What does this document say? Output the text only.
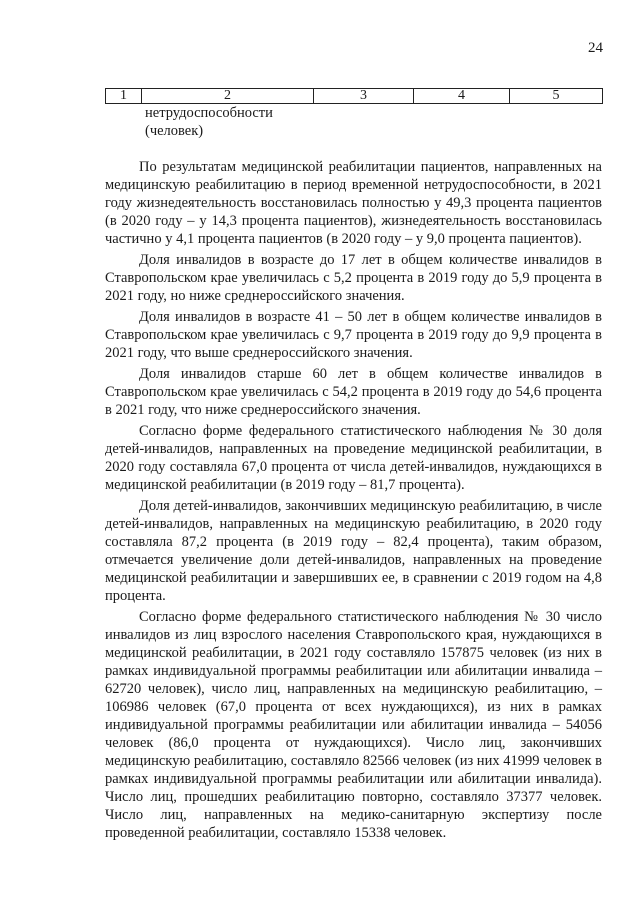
24
1	2	3	4	5
нетрудоспособности
(человек)

По результатам медицинской реабилитации пациентов, направленных на медицинскую реабилитацию в период временной нетрудоспособности, в 2021 году жизнедеятельность восстановилась полностью у 49,3 процента пациентов (в 2020 году – у 14,3 процента пациентов), жизнедеятельность восстановилась частично у 4,1 процента пациентов (в 2020 году – у 9,0 процента пациентов).

Доля инвалидов в возрасте до 17 лет в общем количестве инвалидов в Ставропольском крае увеличилась с 5,2 процента в 2019 году до 5,9 процента в 2021 году, но ниже среднероссийского значения.

Доля инвалидов в возрасте 41 – 50 лет в общем количестве инвалидов в Ставропольском крае увеличилась с 9,7 процента в 2019 году до 9,9 процента в 2021 году, что выше среднероссийского значения.

Доля инвалидов старше 60 лет в общем количестве инвалидов в Ставропольском крае увеличилась с 54,2 процента в 2019 году до 54,6 процента в 2021 году, что ниже среднероссийского значения.

Согласно форме федерального статистического наблюдения № 30 доля детей-инвалидов, направленных на проведение медицинской реабилитации, в 2020 году составляла 67,0 процента от числа детей-инвалидов, нуждающихся в медицинской реабилитации (в 2019 году – 81,7 процента).

Доля детей-инвалидов, закончивших медицинскую реабилитацию, в числе детей-инвалидов, направленных на медицинскую реабилитацию, в 2020 году составляла 87,2 процента (в 2019 году – 82,4 процента), таким образом, отмечается увеличение доли детей-инвалидов, направленных на проведение медицинской реабилитации и завершивших ее, в сравнении с 2019 годом на 4,8 процента.

Согласно форме федерального статистического наблюдения № 30 число инвалидов из лиц взрослого населения Ставропольского края, нуждающихся в медицинской реабилитации, в 2021 году составляло 157875 человек (из них в рамках индивидуальной программы реабилитации или абилитации инвалида – 62720 человек), число лиц, направленных на медицинскую реабилитацию, – 106986 человек (67,0 процента от всех нуждающихся), из них в рамках индивидуальной программы реабилитации или абилитации инвалида – 54056 человек (86,0 процента от нуждающихся). Число лиц, закончивших медицинскую реабилитацию, составляло 82566 человек (из них 41999 человек в рамках индивидуальной программы реабилитации или абилитации инвалида). Число лиц, прошедших реабилитацию повторно, составляло 37377 человек. Число лиц, направленных на медико-санитарную экспертизу после проведенной реабилитации, составляло 15338 человек.
